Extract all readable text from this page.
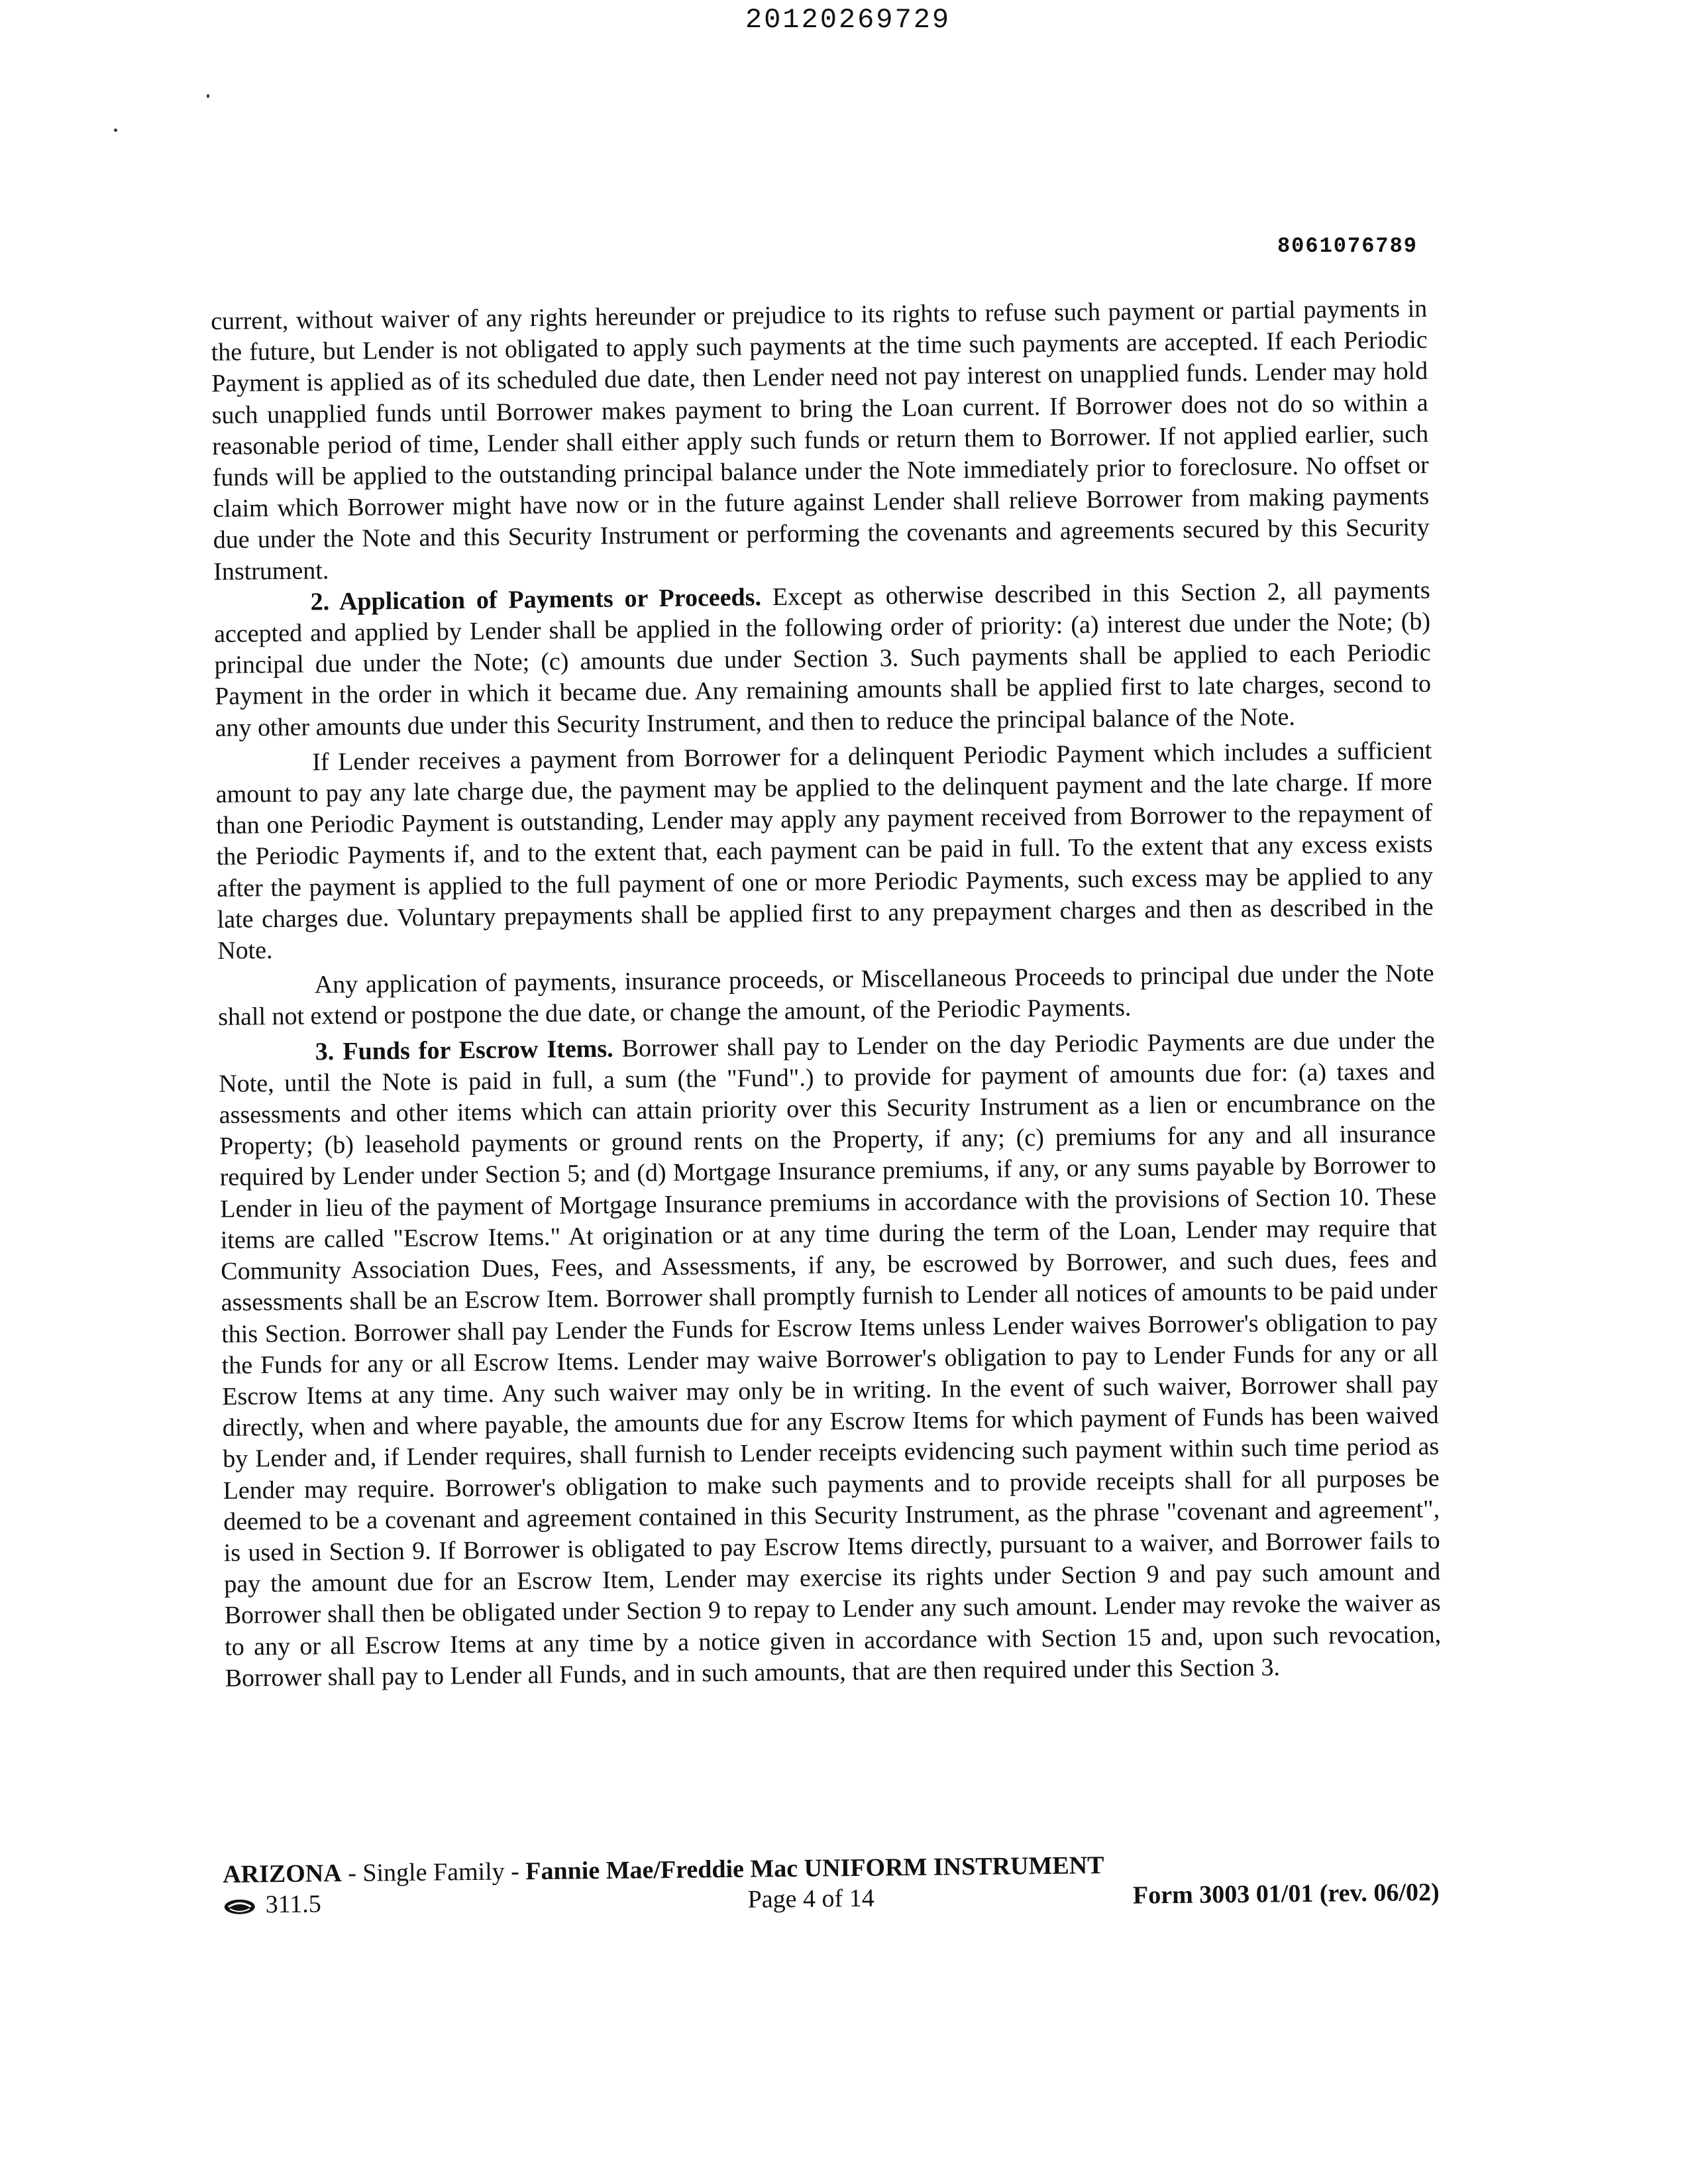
20120269729
8061076789

current, without waiver of any rights hereunder or prejudice to its rights to refuse such payment or partial payments in the future, but Lender is not obligated to apply such payments at the time such payments are accepted. If each Periodic Payment is applied as of its scheduled due date, then Lender need not pay interest on unapplied funds. Lender may hold such unapplied funds until Borrower makes payment to bring the Loan current. If Borrower does not do so within a reasonable period of time, Lender shall either apply such funds or return them to Borrower. If not applied earlier, such funds will be applied to the outstanding principal balance under the Note immediately prior to foreclosure. No offset or claim which Borrower might have now or in the future against Lender shall relieve Borrower from making payments due under the Note and this Security Instrument or performing the covenants and agreements secured by this Security Instrument.

2. Application of Payments or Proceeds. Except as otherwise described in this Section 2, all payments accepted and applied by Lender shall be applied in the following order of priority: (a) interest due under the Note; (b) principal due under the Note; (c) amounts due under Section 3. Such payments shall be applied to each Periodic Payment in the order in which it became due. Any remaining amounts shall be applied first to late charges, second to any other amounts due under this Security Instrument, and then to reduce the principal balance of the Note.

If Lender receives a payment from Borrower for a delinquent Periodic Payment which includes a sufficient amount to pay any late charge due, the payment may be applied to the delinquent payment and the late charge. If more than one Periodic Payment is outstanding, Lender may apply any payment received from Borrower to the repayment of the Periodic Payments if, and to the extent that, each payment can be paid in full. To the extent that any excess exists after the payment is applied to the full payment of one or more Periodic Payments, such excess may be applied to any late charges due. Voluntary prepayments shall be applied first to any prepayment charges and then as described in the Note.

Any application of payments, insurance proceeds, or Miscellaneous Proceeds to principal due under the Note shall not extend or postpone the due date, or change the amount, of the Periodic Payments.

3. Funds for Escrow Items. Borrower shall pay to Lender on the day Periodic Payments are due under the Note, until the Note is paid in full, a sum (the "Fund".) to provide for payment of amounts due for: (a) taxes and assessments and other items which can attain priority over this Security Instrument as a lien or encumbrance on the Property; (b) leasehold payments or ground rents on the Property, if any; (c) premiums for any and all insurance required by Lender under Section 5; and (d) Mortgage Insurance premiums, if any, or any sums payable by Borrower to Lender in lieu of the payment of Mortgage Insurance premiums in accordance with the provisions of Section 10. These items are called "Escrow Items." At origination or at any time during the term of the Loan, Lender may require that Community Association Dues, Fees, and Assessments, if any, be escrowed by Borrower, and such dues, fees and assessments shall be an Escrow Item. Borrower shall promptly furnish to Lender all notices of amounts to be paid under this Section. Borrower shall pay Lender the Funds for Escrow Items unless Lender waives Borrower's obligation to pay the Funds for any or all Escrow Items. Lender may waive Borrower's obligation to pay to Lender Funds for any or all Escrow Items at any time. Any such waiver may only be in writing. In the event of such waiver, Borrower shall pay directly, when and where payable, the amounts due for any Escrow Items for which payment of Funds has been waived by Lender and, if Lender requires, shall furnish to Lender receipts evidencing such payment within such time period as Lender may require. Borrower's obligation to make such payments and to provide receipts shall for all purposes be deemed to be a covenant and agreement contained in this Security Instrument, as the phrase "covenant and agreement", is used in Section 9. If Borrower is obligated to pay Escrow Items directly, pursuant to a waiver, and Borrower fails to pay the amount due for an Escrow Item, Lender may exercise its rights under Section 9 and pay such amount and Borrower shall then be obligated under Section 9 to repay to Lender any such amount. Lender may revoke the waiver as to any or all Escrow Items at any time by a notice given in accordance with Section 15 and, upon such revocation, Borrower shall pay to Lender all Funds, and in such amounts, that are then required under this Section 3.

ARIZONA - Single Family - Fannie Mae/Freddie Mac UNIFORM INSTRUMENT
311.5	Page 4 of 14	Form 3003 01/01 (rev. 06/02)
